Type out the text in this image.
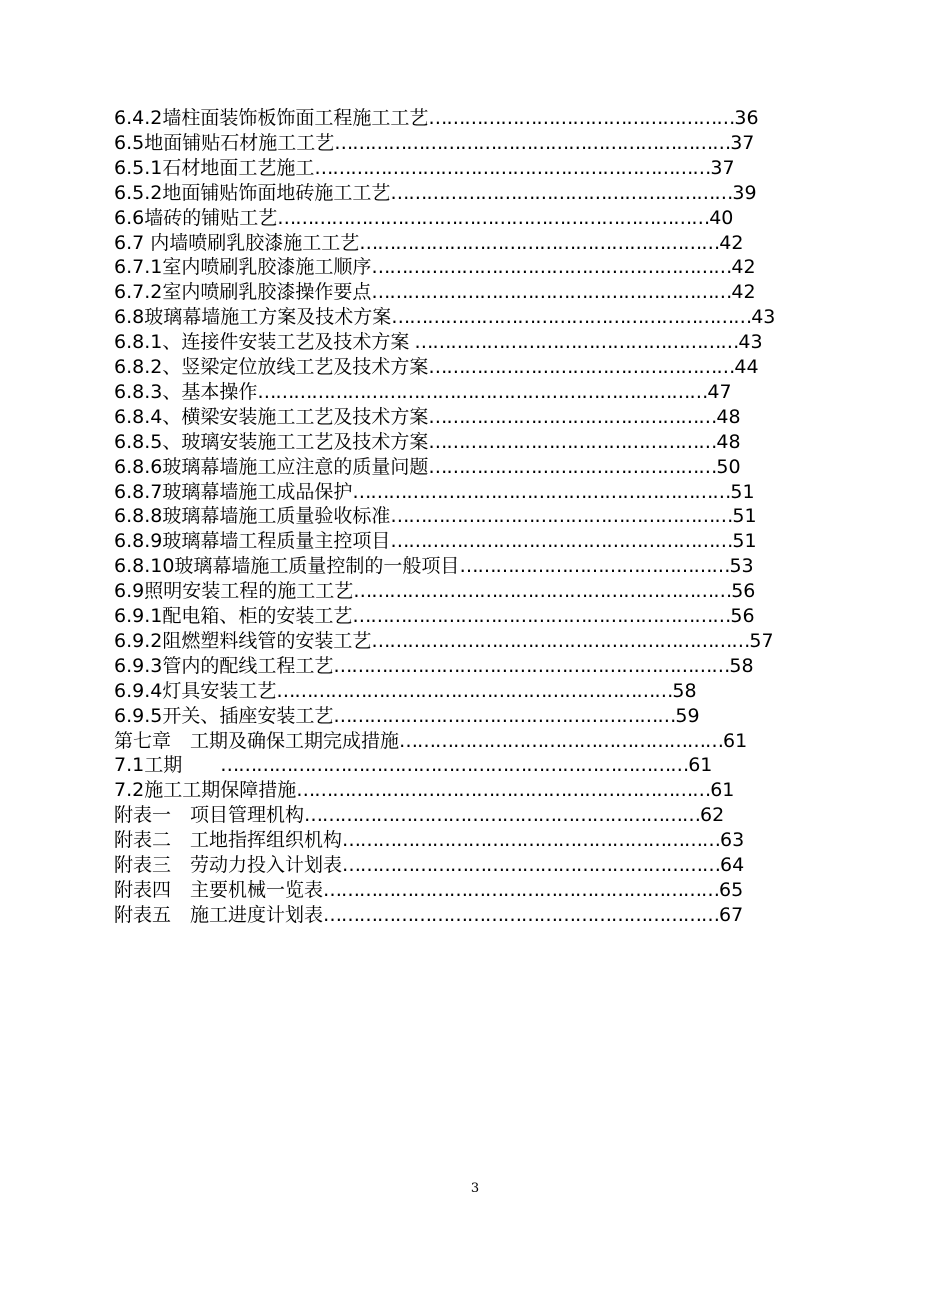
6.4.2墙柱面装饰板饰面工程施工工艺……………………………………………36
6.5地面铺贴石材施工工艺…………………………………………………………37
6.5.1石材地面工艺施工…………………………………………………………37
6.5.2地面铺贴饰面地砖施工工艺…………………………………………………39
6.6墙砖的铺贴工艺………………………………………………………………40
6.7 内墙喷刷乳胶漆施工工艺……………………………………………………42
6.7.1室内喷刷乳胶漆施工顺序……………………………………………………42
6.7.2室内喷刷乳胶漆操作要点……………………………………………………42
6.8玻璃幕墙施工方案及技术方案……………………………………………………43
6.8.1、连接件安装工艺及技术方案 ………………………………………………43
6.8.2、竖梁定位放线工艺及技术方案……………………………………………44
6.8.3、基本操作…………………………………………………………………47
6.8.4、横梁安装施工工艺及技术方案…………………………………………48
6.8.5、玻璃安装施工工艺及技术方案…………………………………………48
6.8.6玻璃幕墙施工应注意的质量问题…………………………………………50
6.8.7玻璃幕墙施工成品保护………………………………………………………51
6.8.8玻璃幕墙施工质量验收标准…………………………………………………51
6.8.9玻璃幕墙工程质量主控项目…………………………………………………51
6.8.10玻璃幕墙施工质量控制的一般项目………………………………………53
6.9照明安装工程的施工工艺………………………………………………………56
6.9.1配电箱、柜的安装工艺………………………………………………………56
6.9.2阻燃塑料线管的安装工艺………………………………………………………57
6.9.3管内的配线工程工艺…………………………………………………………58
6.9.4灯具安装工艺…………………………………………………………58
6.9.5开关、插座安装工艺…………………………………………………59
第七章　工期及确保工期完成措施………………………………………………61
7.1工期　　……………………………………………………………………61
7.2施工工期保障措施……………………………………………………………61
附表一　项目管理机构…………………………………………………………62
附表二　工地指挥组织机构………………………………………………………63
附表三　劳动力投入计划表………………………………………………………64
附表四　主要机械一览表…………………………………………………………65
附表五　施工进度计划表…………………………………………………………67
3
